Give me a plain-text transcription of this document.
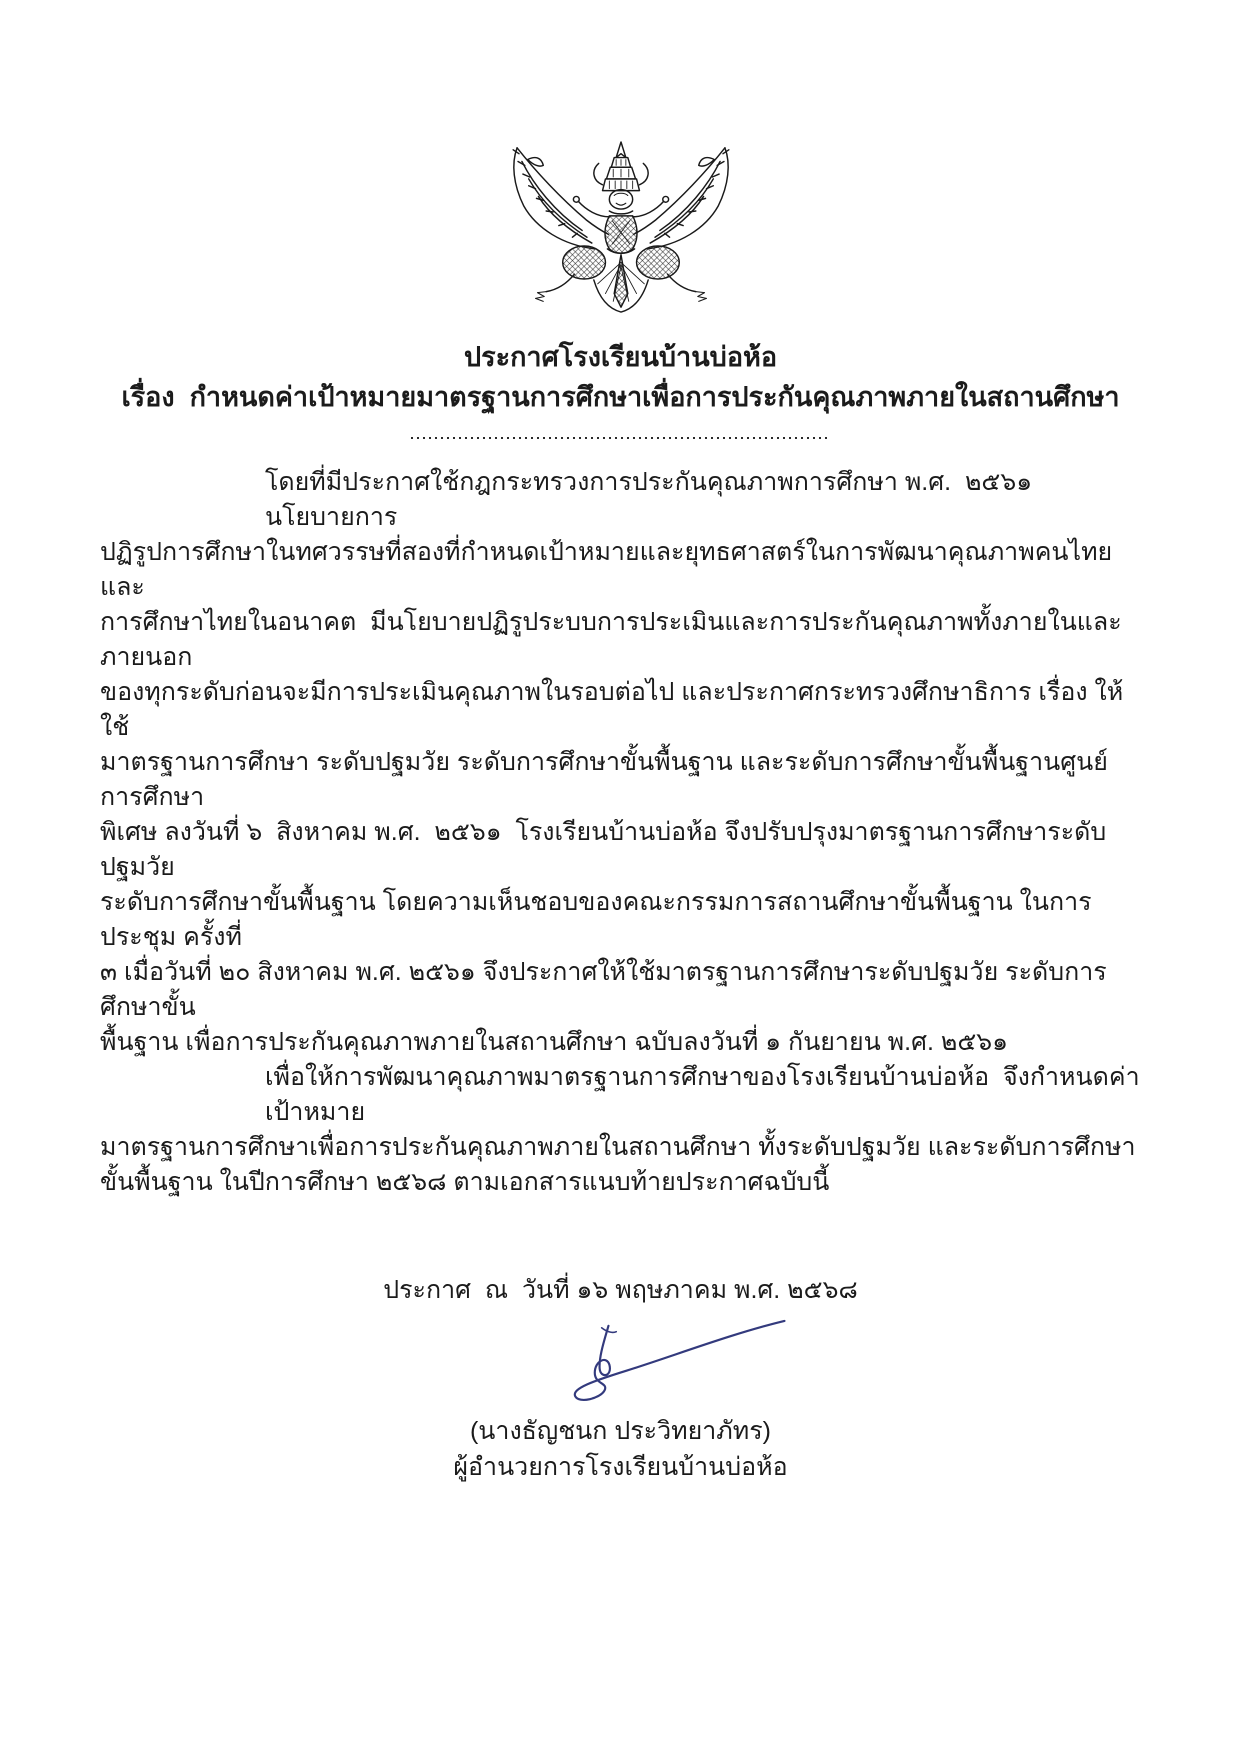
ประกาศโรงเรียนบ้านบ่อห้อ
เรื่อง  กำหนดค่าเป้าหมายมาตรฐานการศึกษาเพื่อการประกันคุณภาพภายในสถานศึกษา
โดยที่มีประกาศใช้กฎกระทรวงการประกันคุณภาพการศึกษา พ.ศ.  ๒๕๖๑   นโยบายการ
ปฏิรูปการศึกษาในทศวรรษที่สองที่กำหนดเป้าหมายและยุทธศาสตร์ในการพัฒนาคุณภาพคนไทยและ
การศึกษาไทยในอนาคต  มีนโยบายปฏิรูประบบการประเมินและการประกันคุณภาพทั้งภายในและภายนอก
ของทุกระดับก่อนจะมีการประเมินคุณภาพในรอบต่อไป และประกาศกระทรวงศึกษาธิการ เรื่อง ให้ใช้
มาตรฐานการศึกษา ระดับปฐมวัย ระดับการศึกษาขั้นพื้นฐาน และระดับการศึกษาขั้นพื้นฐานศูนย์การศึกษา
พิเศษ ลงวันที่ ๖  สิงหาคม พ.ศ.  ๒๕๖๑  โรงเรียนบ้านบ่อห้อ จึงปรับปรุงมาตรฐานการศึกษาระดับปฐมวัย
ระดับการศึกษาขั้นพื้นฐาน โดยความเห็นชอบของคณะกรรมการสถานศึกษาขั้นพื้นฐาน ในการประชุม ครั้งที่
๓ เมื่อวันที่ ๒๐ สิงหาคม พ.ศ. ๒๕๖๑ จึงประกาศให้ใช้มาตรฐานการศึกษาระดับปฐมวัย ระดับการศึกษาขั้น
พื้นฐาน เพื่อการประกันคุณภาพภายในสถานศึกษา ฉบับลงวันที่ ๑ กันยายน พ.ศ. ๒๕๖๑
เพื่อให้การพัฒนาคุณภาพมาตรฐานการศึกษาของโรงเรียนบ้านบ่อห้อ  จึงกำหนดค่าเป้าหมาย
มาตรฐานการศึกษาเพื่อการประกันคุณภาพภายในสถานศึกษา ทั้งระดับปฐมวัย และระดับการศึกษา
ขั้นพื้นฐาน ในปีการศึกษา ๒๕๖๘ ตามเอกสารแนบท้ายประกาศฉบับนี้
ประกาศ  ณ  วันที่ ๑๖ พฤษภาคม พ.ศ. ๒๕๖๘
(นางธัญชนก ประวิทยาภัทร)
ผู้อำนวยการโรงเรียนบ้านบ่อห้อ
